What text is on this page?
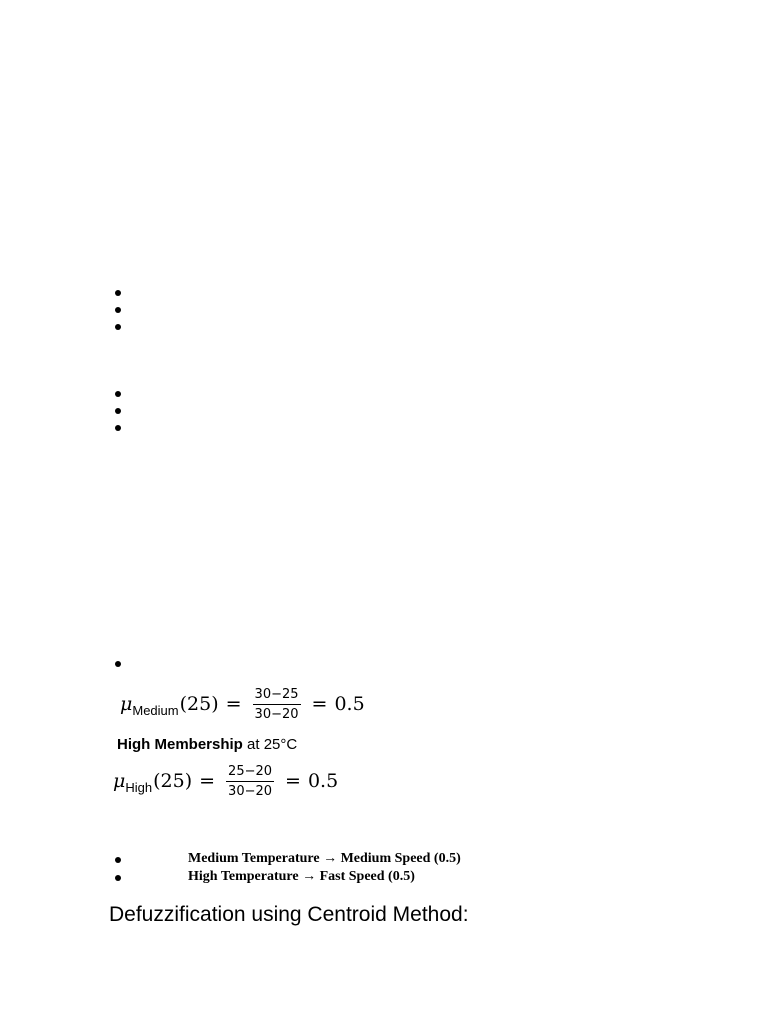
μ Medium $(25) = \frac{30-25}{30-20} = 0.5$
High Membership at 25°C
μ High $(25) = \frac{25-20}{30-20} = 0.5$
Medium Temperature → Medium Speed (0.5)
High Temperature → Fast Speed (0.5)
Defuzzification using Centroid Method:
